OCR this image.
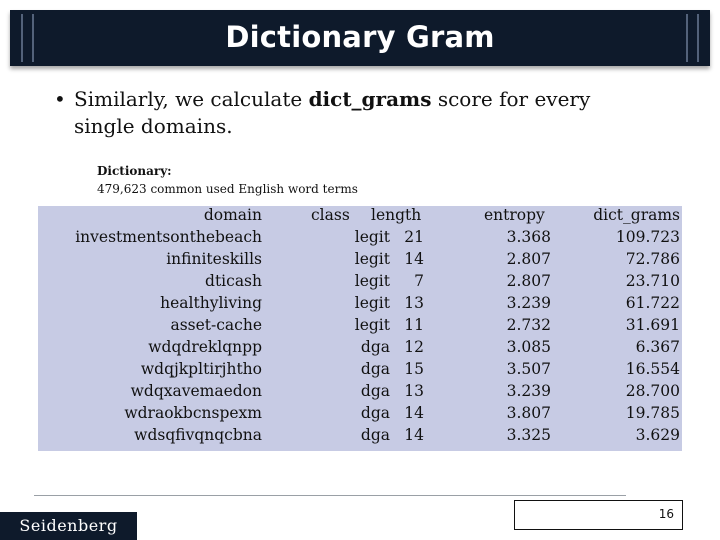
Dictionary Gram
• Similarly, we calculate dict_grams score for every single domains.
Dictionary:
479,623 common used English word terms
domain	class length	entropy	dict_grams
investmentsonthebeach	legit 21	3.368	109.723
infiniteskills	legit 14	2.807	72.786
dticash	legit 7	2.807	23.710
healthyliving	legit 13	3.239	61.722
asset-cache	legit 11	2.732	31.691
wdqdreklqnpp	dga 12	3.085	6.367
wdqjkpltirjhtho	dga 15	3.507	16.554
wdqxavemaedon	dga 13	3.239	28.700
wdraokbcnspexm	dga 14	3.807	19.785
wdsqfivqnqcbna	dga 14	3.325	3.629
Seidenberg
16
